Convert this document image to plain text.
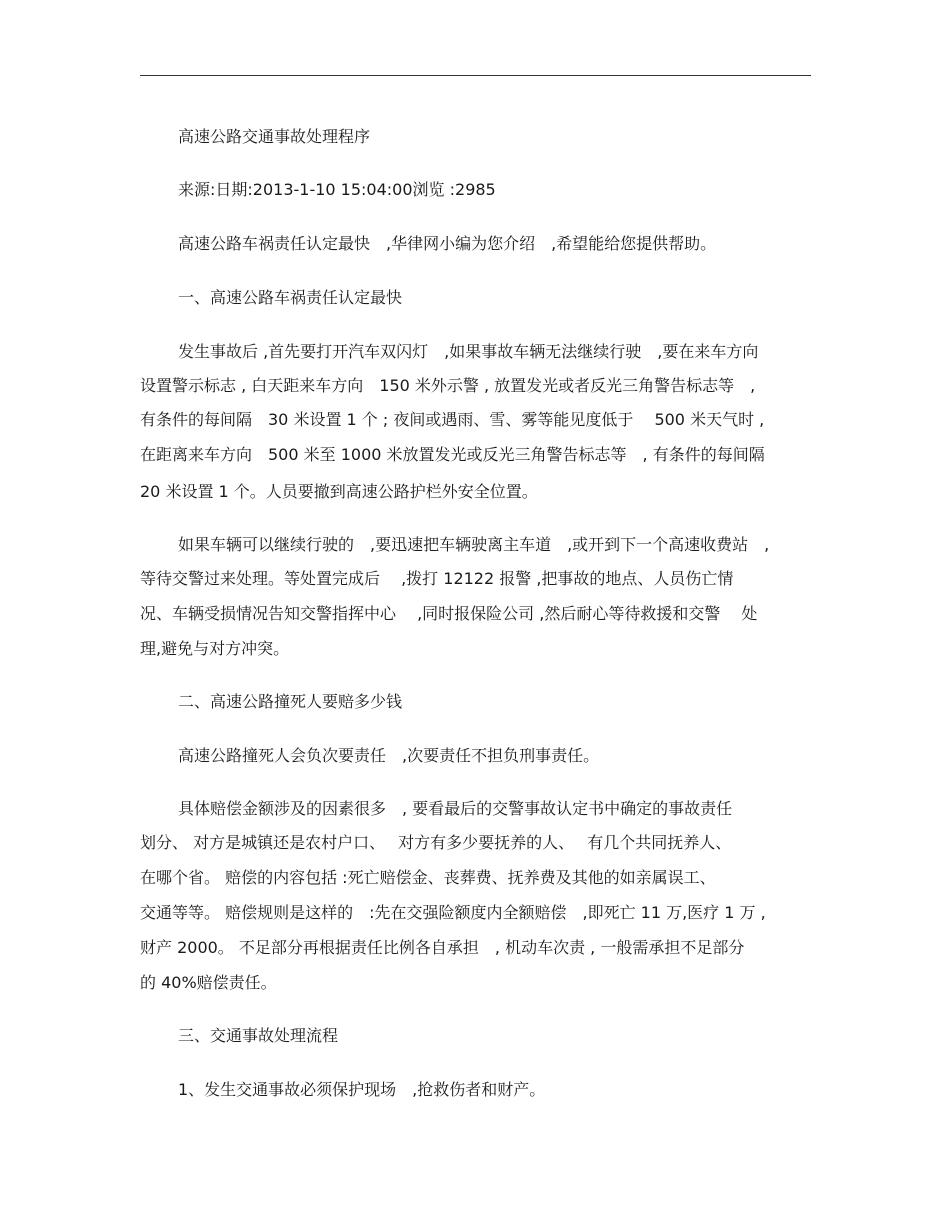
高速公路交通事故处理程序

来源:日期:2013-1-10 15:04:00浏览 :2985

高速公路车祸责任认定最快　,华律网小编为您介绍　,希望能给您提供帮助。

一、高速公路车祸责任认定最快

发生事故后 ,首先要打开汽车双闪灯　,如果事故车辆无法继续行驶　,要在来车方向

设置警示标志 , 白天距来车方向　150 米外示警 , 放置发光或者反光三角警告标志等　,

有条件的每间隔　30 米设置 1 个 ; 夜间或遇雨、雪、雾等能见度低于　 500 米天气时 ,

在距离来车方向　500 米至 1000 米放置发光或反光三角警告标志等　, 有条件的每间隔

20 米设置 1 个。人员要撤到高速公路护栏外安全位置。

如果车辆可以继续行驶的　,要迅速把车辆驶离主车道　,或开到下一个高速收费站　,

等待交警过来处理。等处置完成后　 ,拨打 12122 报警 ,把事故的地点、人员伤亡情

况、车辆受损情况告知交警指挥中心　 ,同时报保险公司 ,然后耐心等待救援和交警　 处

理,避免与对方冲突。

二、高速公路撞死人要赔多少钱

高速公路撞死人会负次要责任　,次要责任不担负刑事责任。

具体赔偿金额涉及的因素很多　, 要看最后的交警事故认定书中确定的事故责任

划分、 对方是城镇还是农村户口、　 对方有多少要抚养的人、　 有几个共同抚养人、

在哪个省。 赔偿的内容包括 :死亡赔偿金、丧葬费、抚养费及其他的如亲属误工、

交通等等。 赔偿规则是这样的　:先在交强险额度内全额赔偿　,即死亡 11 万,医疗 1 万 ,

财产 2000。 不足部分再根据责任比例各自承担　, 机动车次责 , 一般需承担不足部分

的 40%赔偿责任。

三、交通事故处理流程

1、发生交通事故必须保护现场　,抢救伤者和财产。
